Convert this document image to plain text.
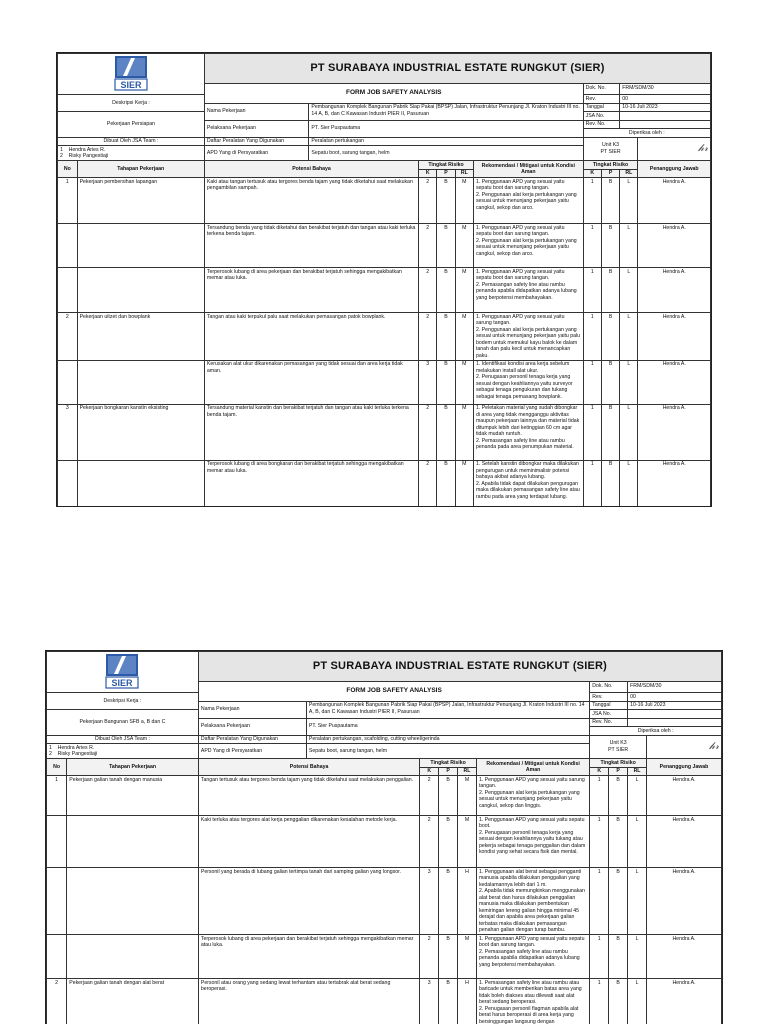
SIER		PT SURABAYA INDUSTRIAL ESTATE RUNGKUT (SIER)									
		FORM JOB SAFETY ANALYSIS						Dok. No.		FRM/SDM/30	
Deskripsi Kerja :								Rev.		00	
		Nama Pekerjaan	Pembangunan Komplek Bangunan Pabrik Siap Pakai (BPSP) Jalan, Infrastruktur Penunjang Jl. Kraton Industri III no. 14 A, B, dan C Kawasan Industri PIER II, Pasuruan					Tanggal		10-16 Juli 2023	
Pekerjaan Persiapan								JSA No.			
		Pelaksana Pekerjaan	PT. Sier Puspautama					Rev. No.			
								Diperiksa oleh :			
Dibuat Oleh JSA Team :		Daftar Peralatan Yang Digunakan	Peralatan pertukangan					Unit K3
PT SIER			𝒽𝓇

1    Hendra Aries R.
2    Risky Pangestiaji		APD Yang di Persyaratkan	Sepatu boot, sarung tangan, helm								
No	Tahapan Pekerjaan	Potensi Bahaya		Tingkat Risiko			Rekomendasi / Mitigasi untuk Kondisi Aman	Tingkat Risiko			Penanggung Jawab
				K	P	RL		K	P	RL	
1	Pekerjaan pembersihan lapangan	Kaki atau tangan tertusuk atau tergores benda tajam yang tidak diketahui saat melakukan pengambilan sampah.		2	B	M	1. Penggunaan APD yang sesuai yaitu sepatu boot dan sarung tangan.
2. Penggunaan alat kerja pertukangan yang sesuai untuk menunjang pekerjaan yaitu cangkul, sekop dan arco.	1	B	L	Hendra A.
		Tersandung benda yang tidak diketahui dan berakibat terjatuh dan tangan atau kaki terluka terkena benda tajam.		2	B	M	1. Penggunaan APD yang sesuai yaitu sepatu boot dan sarung tangan.
2. Penggunaan alat kerja pertukangan yang sesuai untuk menunjang pekerjaan yaitu cangkul, sekop dan arco.	1	B	L	Hendra A.
		Terperosok lubang di area pekerjaan dan berakibat terjatuh sehingga mengakibatkan memar atau luka.		2	B	M	1. Penggunaan APD yang sesuai yaitu sepatu boot dan sarung tangan.
2. Pemasangan safety line atau rambu penanda apabila didapatkan adanya lubang yang berpotensi membahayakan.	1	B	L	Hendra A.
2	Pekerjaan uitzet dan bowplank	Tangan atau kaki terpukul palu saat melakukan pemasangan patok bowplank.		2	B	M	1. Penggunaan APD yang sesuai yaitu sarung tangan.
2. Penggunaan alat kerja pertukangan yang sesuai untuk menunjang pekerjaan yaitu palu bodem untuk memukul kayu balok ke dalam tanah dan palu kecil untuk menancapkan paku.	1	B	L	Hendra A.
		Kerusakan alat ukur dikarenakan pemasangan yang tidak sesuai dan area kerja tidak aman.		3	B	M	1. Identifikasi kondisi area kerja sebelum melakukan install alat ukur.
2. Penugasan personil tenaga kerja yang sesuai dengan keahliannya yaitu surveyor sebagai tenaga pengukuran dan tukang sebagai tenaga pemasang bowplank.	1	B	L	Hendra A.
3	Pekerjaan bongkaran kanstin eksisting	Tersandung material kanstin dan berakibat terjatuh dan tangan atau kaki terluka terkena benda tajam.		2	B	M	1. Peletakan material yang sudah dibongkar di area yang tidak mengganggu aktivitas maupun pekerjaan lainnya dan material tidak ditumpuk lebih dari ketinggian 60 cm agar tidak mudah runtuh.
2. Pemasangan safety line atau rambu penanda pada area penumpukan material.	1	B	L	Hendra A.
		Terperosok lubang di area bongkaran dan berakibat terjatuh sehingga mengakibatkan memar atau luka.		2	B	M	1. Setelah kanstin dibongkar maka dilakukan pengurugan untuk meminimalisir potensi bahaya akibat adanya lubang.
2. Apabila tidak dapat dilakukan pengurugan maka dilakukan pemasangan safety line atau rambu pada area yang terdapat lubang.	1	B	L	Hendra A.
SIER		PT SURABAYA INDUSTRIAL ESTATE RUNGKUT (SIER)									
		FORM JOB SAFETY ANALYSIS						Dok. No.		FRM/SDM/30	
Deskripsi Kerja :								Rev.		00	
		Nama Pekerjaan	Pembangunan Komplek Bangunan Pabrik Siap Pakai (BPSP) Jalan, Infrastruktur Penunjang Jl. Kraton Industri III no. 14 A, B, dan C Kawasan Industri PIER II, Pasuruan					Tanggal		10-16 Juli 2023	
Pekerjaan Bangunan SFB a, B dan C								JSA No.			
		Pelaksana Pekerjaan	PT. Sier Puspautama					Rev. No.			
								Diperiksa oleh :			
Dibuat Oleh JSA Team :		Daftar Peralatan Yang Digunakan	Peralatan pertukangan, scafolding, cutting wheel/gerinda					Unit K3
PT SIER			𝒽𝓇

1    Hendra Aries R.
2    Risky Pangestiaji		APD Yang di Persyaratkan	Sepatu boot, sarung tangan, helm								
No	Tahapan Pekerjaan	Potensi Bahaya		Tingkat Risiko			Rekomendasi / Mitigasi untuk Kondisi Aman	Tingkat Risiko			Penanggung Jawab
				K	P	RL		K	P	RL	
1	Pekerjaan galian tanah dengan manusia	Tangan tertusuk atau tergores benda tajam yang tidak diketahui saat melakukan penggalian.		2	B	M	1. Penggunaan APD yang sesuai yaitu sarung tangan.
2. Penggunaan alat kerja pertukangan yang sesuai untuk menunjang pekerjaan yaitu cangkul, sekop dan linggis.	1	B	L	Hendra A.
		Kaki terluka atau tergores alat kerja penggalian dikarenakan kesalahan metode kerja.		2	B	M	1. Penggunaan APD yang sesuai yaitu sepatu boot.
2. Penugasan personil tenaga kerja yang sesuai dengan keahliannya yaitu tukang atau pekerja sebagai tenaga penggalian dan dalam kondisi yang sehat secara fisik dan mental.	1	B	L	Hendra A.
		Personil yang berada di lubang galian tertimpa tanah dari samping galian yang longsor.		3	B	H	1. Penggunaan alat berat sebagai pengganti manusia apabila dilakukan penggalian yang kedalamannya lebih dari 1 m.
2. Apabila tidak memungkinkan menggunakan alat berat dan harus dilakukan penggalian manusia maka dilakukan pembentukan kemiringan lereng galian hingga minimal 45 derajat dan apabila area pekerjaan galian terbatas maka dilakukan pemasangan penahan galian dengan turap bambu.	1	B	L	Hendra A.
		Terperosok lubang di area pekerjaan dan berakibat terjatuh sehingga mengakibatkan memar atau luka.		2	B	M	1. Penggunaan APD yang sesuai yaitu sepatu boot dan sarung tangan.
2. Pemasangan safety line atau rambu penanda apabila didapatkan adanya lubang yang berpotensi membahayakan.	1	B	L	Hendra A.
2	Pekerjaan galian tanah dengan alat berat	Personil atau orang yang sedang lewat terhantam atau tertabrak alat berat sedang beroperasi.		3	B	H	1. Pemasangan safety line atau rambu atau baricade untuk memberikan batas area yang tidak boleh diakses atau dilewati saat alat berat sedang beroperasi.
2. Penugasan personil flagman apabila alat berat harus beroperasi di area kerja yang bersinggungan langsung dengan	1	B	L	Hendra A.
